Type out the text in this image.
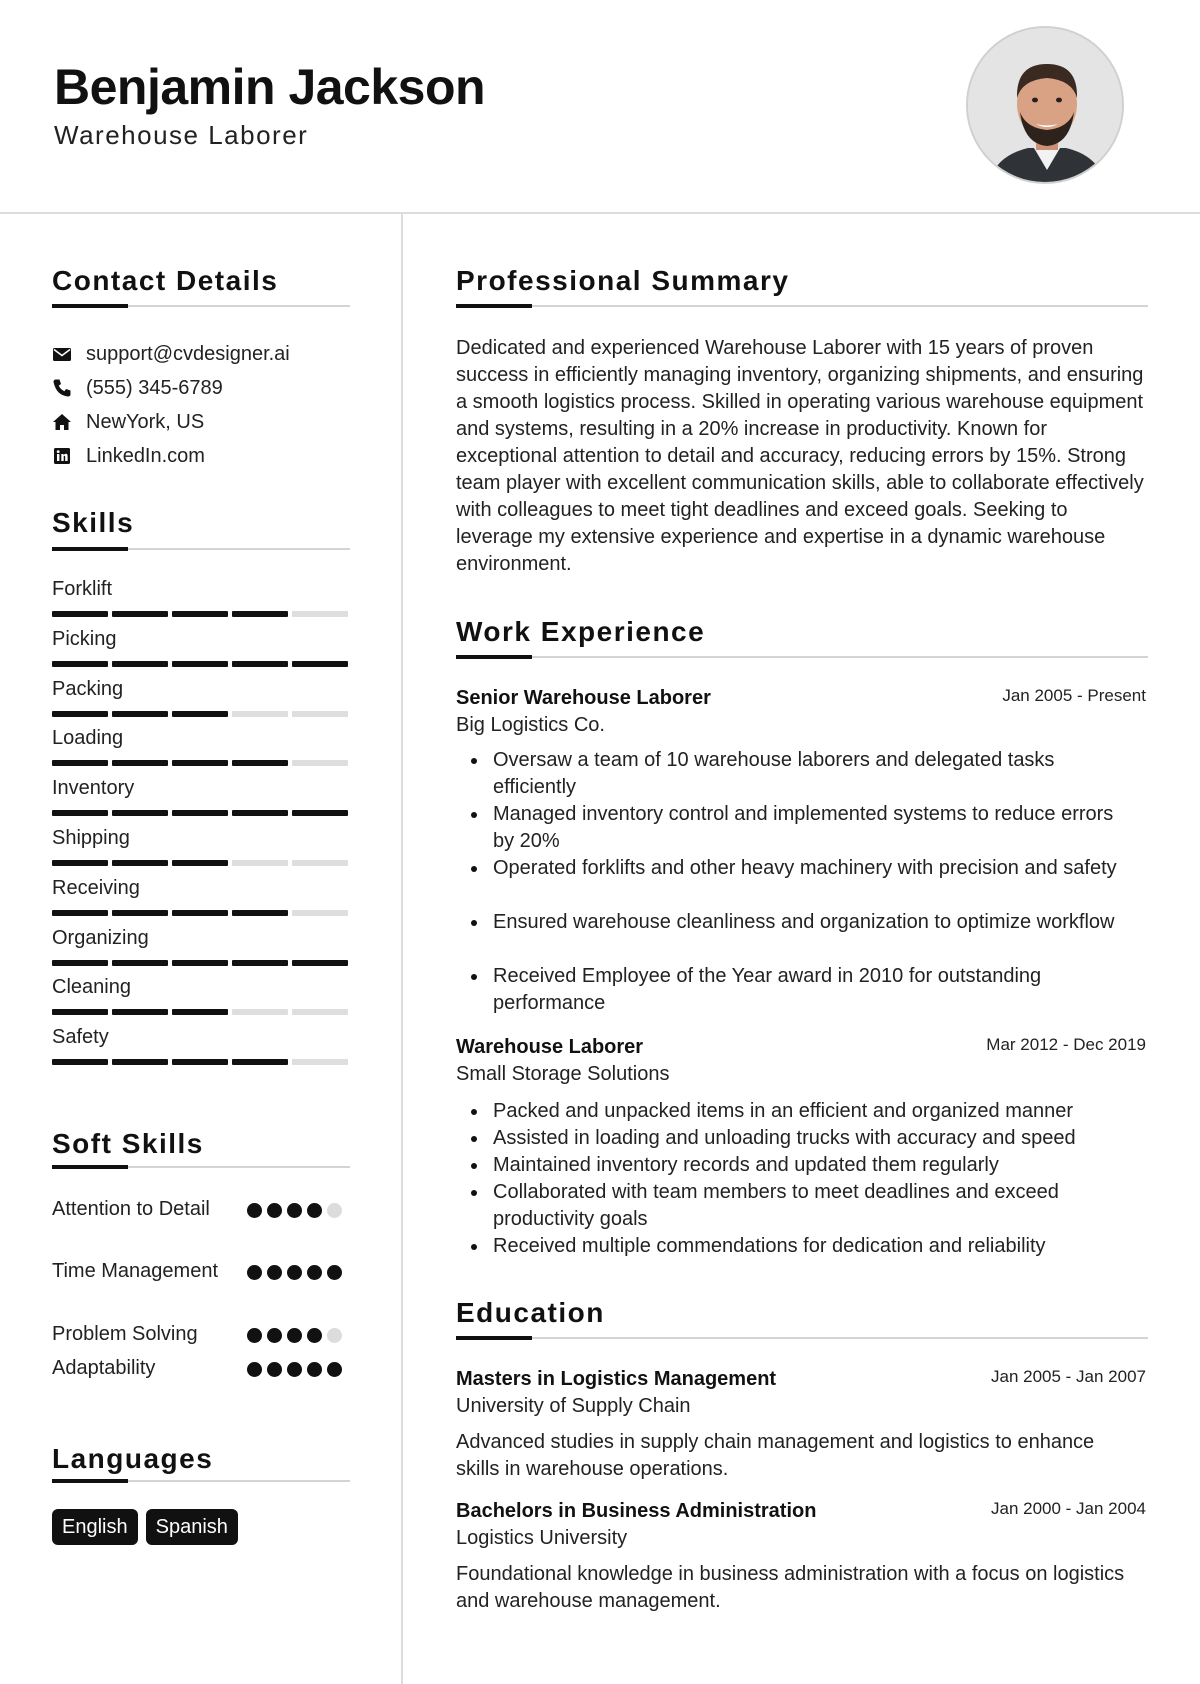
Benjamin Jackson
Warehouse Laborer
Contact Details
support@cvdesigner.ai
(555) 345-6789
NewYork, US
LinkedIn.com
Skills
Forklift
Picking
Packing
Loading
Inventory
Shipping
Receiving
Organizing
Cleaning
Safety
Soft Skills
Attention to Detail
Time Management
Problem Solving
Adaptability
Languages
English	Spanish
Professional Summary
Dedicated and experienced Warehouse Laborer with 15 years of proven success in efficiently managing inventory, organizing shipments, and ensuring a smooth logistics process. Skilled in operating various warehouse equipment and systems, resulting in a 20% increase in productivity. Known for exceptional attention to detail and accuracy, reducing errors by 15%. Strong team player with excellent communication skills, able to collaborate effectively with colleagues to meet tight deadlines and exceed goals. Seeking to leverage my extensive experience and expertise in a dynamic warehouse environment.
Work Experience
Senior Warehouse Laborer	Jan 2005 - Present
Big Logistics Co.
Oversaw a team of 10 warehouse laborers and delegated tasks efficiently
Managed inventory control and implemented systems to reduce errors by 20%
Operated forklifts and other heavy machinery with precision and safety
Ensured warehouse cleanliness and organization to optimize workflow
Received Employee of the Year award in 2010 for outstanding performance
Warehouse Laborer	Mar 2012 - Dec 2019
Small Storage Solutions
Packed and unpacked items in an efficient and organized manner
Assisted in loading and unloading trucks with accuracy and speed
Maintained inventory records and updated them regularly
Collaborated with team members to meet deadlines and exceed productivity goals
Received multiple commendations for dedication and reliability
Education
Masters in Logistics Management	Jan 2005 - Jan 2007
University of Supply Chain
Advanced studies in supply chain management and logistics to enhance skills in warehouse operations.
Bachelors in Business Administration	Jan 2000 - Jan 2004
Logistics University
Foundational knowledge in business administration with a focus on logistics and warehouse management.
